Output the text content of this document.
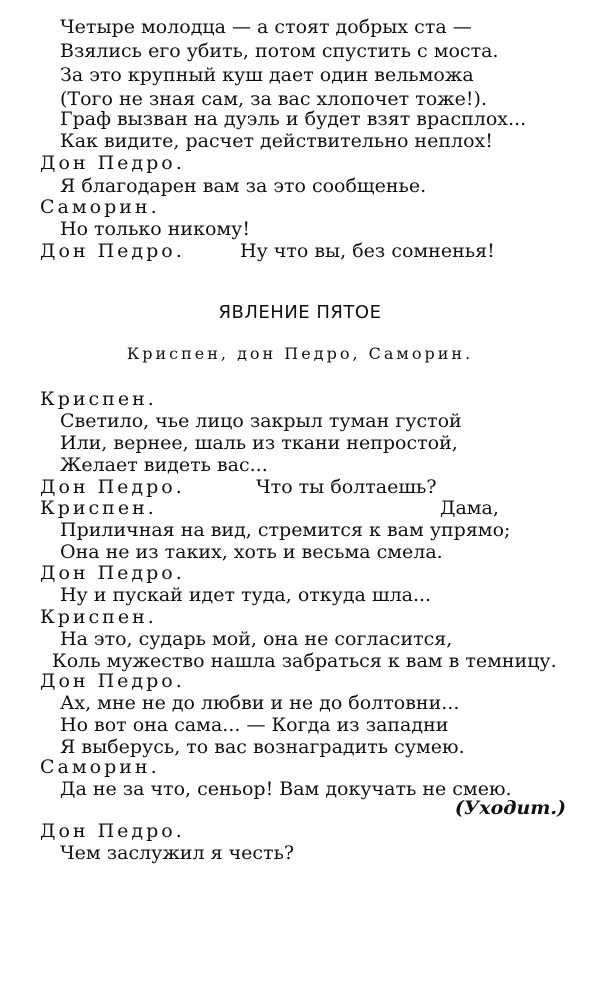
Четыре молодца — а стоят добрых ста —
Взялись его убить, потом спустить с моста.
За это крупный куш дает один вельможа
(Того не зная сам, за вас хлопочет тоже!).
Граф вызван на дуэль и будет взят врасплох...
Как видите, расчет действительно неплох!
Дон Педро.
Я благодарен вам за это сообщенье.
Саморин.
Но только никому!
Дон Педро.	Ну что вы, без сомненья!
ЯВЛЕНИЕ ПЯТОЕ
Криспен, дон Педро, Саморин.
Криспен.
Светило, чье лицо закрыл туман густой
Или, вернее, шаль из ткани непростой,
Желает видеть вас...
Дон Педро.	Что ты болтаешь?
Криспен.	Дама,
Приличная на вид, стремится к вам упрямо;
Она не из таких, хоть и весьма смела.
Дон Педро.
Ну и пускай идет туда, откуда шла...
Криспен.
На это, сударь мой, она не согласится,
Коль мужество нашла забраться к вам в темницу.
Дон Педро.
Ах, мне не до любви и не до болтовни...
Но вот она сама... — Когда из западни
Я выберусь, то вас вознаградить сумею.
Саморин.
Да не за что, сеньор! Вам докучать не смею.
(Уходит.)
Дон Педро.
Чем заслужил я честь?
